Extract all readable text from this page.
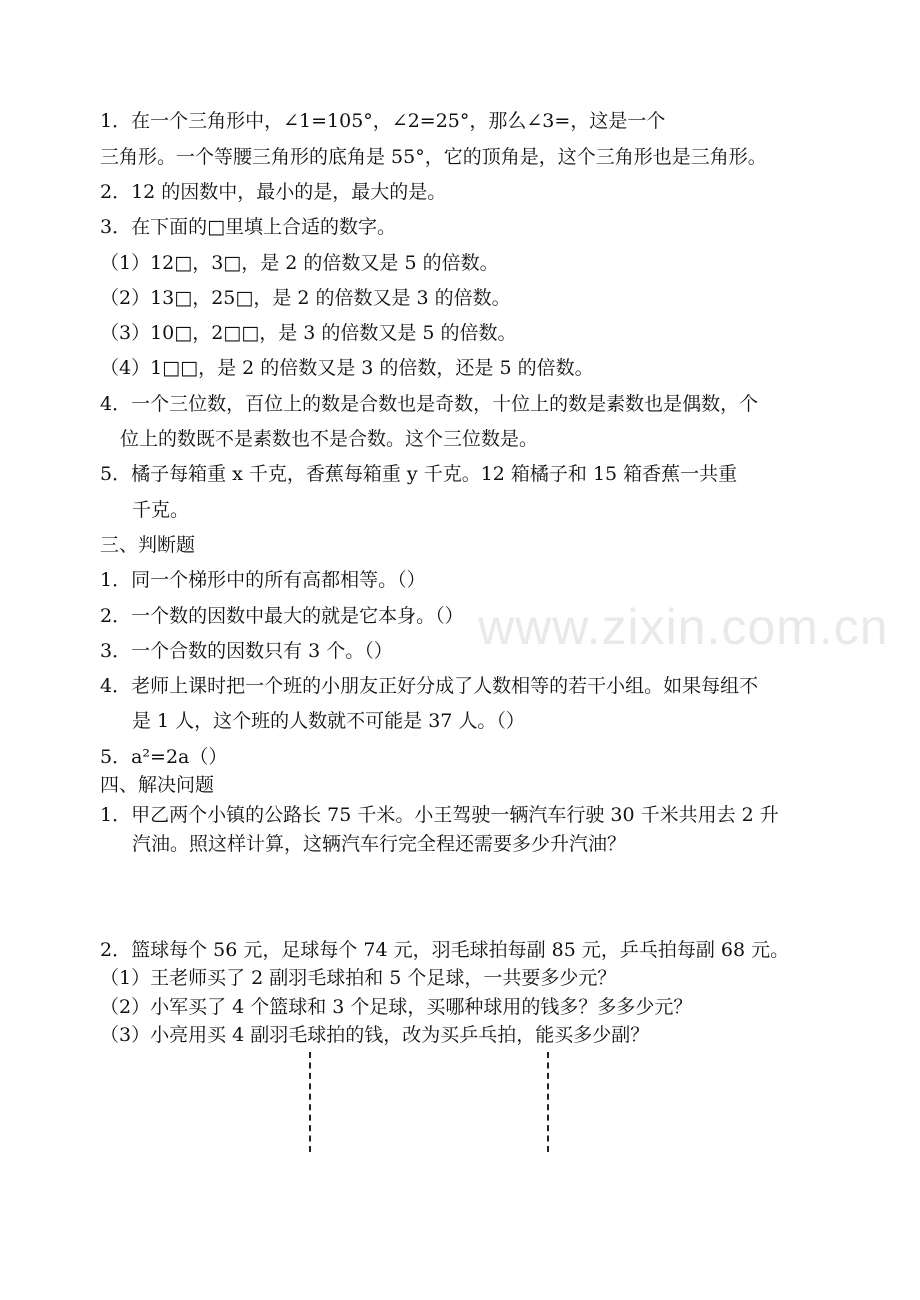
www.zixin.com.cn
1．在一个三角形中，∠1=105°，∠2=25°，那么∠3=，这是一个
三角形。一个等腰三角形的底角是 55°，它的顶角是，这个三角形也是三角形。
2．12 的因数中，最小的是，最大的是。
3．在下面的□里填上合适的数字。
（1）12□，3□，是 2 的倍数又是 5 的倍数。
（2）13□，25□，是 2 的倍数又是 3 的倍数。
（3）10□，2□□，是 3 的倍数又是 5 的倍数。
（4）1□□，是 2 的倍数又是 3 的倍数，还是 5 的倍数。
4．一个三位数，百位上的数是合数也是奇数，十位上的数是素数也是偶数，个
位上的数既不是素数也不是合数。这个三位数是。
5．橘子每箱重 x 千克，香蕉每箱重 y 千克。12 箱橘子和 15 箱香蕉一共重
千克。
三、判断题
1．同一个梯形中的所有高都相等。（）
2．一个数的因数中最大的就是它本身。（）
3．一个合数的因数只有 3 个。（）
4．老师上课时把一个班的小朋友正好分成了人数相等的若干小组。如果每组不
是 1 人，这个班的人数就不可能是 37 人。（）
5．a²=2a（）
四、解决问题
1．甲乙两个小镇的公路长 75 千米。小王驾驶一辆汽车行驶 30 千米共用去 2 升
汽油。照这样计算，这辆汽车行完全程还需要多少升汽油？
2．篮球每个 56 元，足球每个 74 元，羽毛球拍每副 85 元，乒乓拍每副 68 元。
（1）王老师买了 2 副羽毛球拍和 5 个足球，一共要多少元？
（2）小军买了 4 个篮球和 3 个足球，买哪种球用的钱多？多多少元？
（3）小亮用买 4 副羽毛球拍的钱，改为买乒乓拍，能买多少副？
